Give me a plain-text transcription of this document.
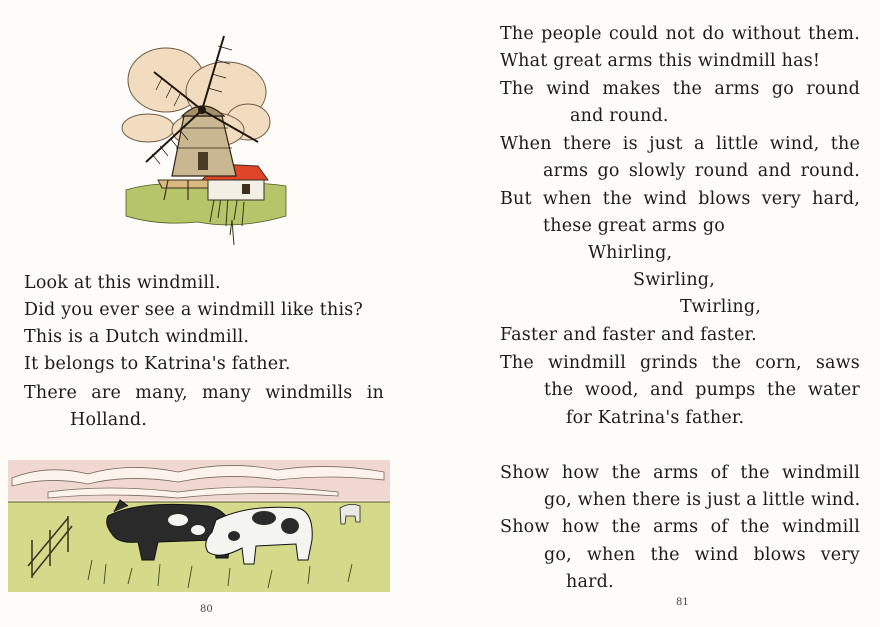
Look at this windmill.
Did you ever see a windmill like this?
This is a Dutch windmill.
It belongs to Katrina's father.
There are many, many windmills in
Holland.
80
The people could not do without them.
What great arms this windmill has!
The wind makes the arms go round
and round.
When there is just a little wind, the
arms go slowly round and round.
But when the wind blows very hard,
these great arms go
Whirling,
Swirling,
Twirling,
Faster and faster and faster.
The windmill grinds the corn, saws
the wood, and pumps the water
for Katrina's father.
Show how the arms of the windmill
go, when there is just a little wind.
Show how the arms of the windmill
go, when the wind blows very
hard.
81
